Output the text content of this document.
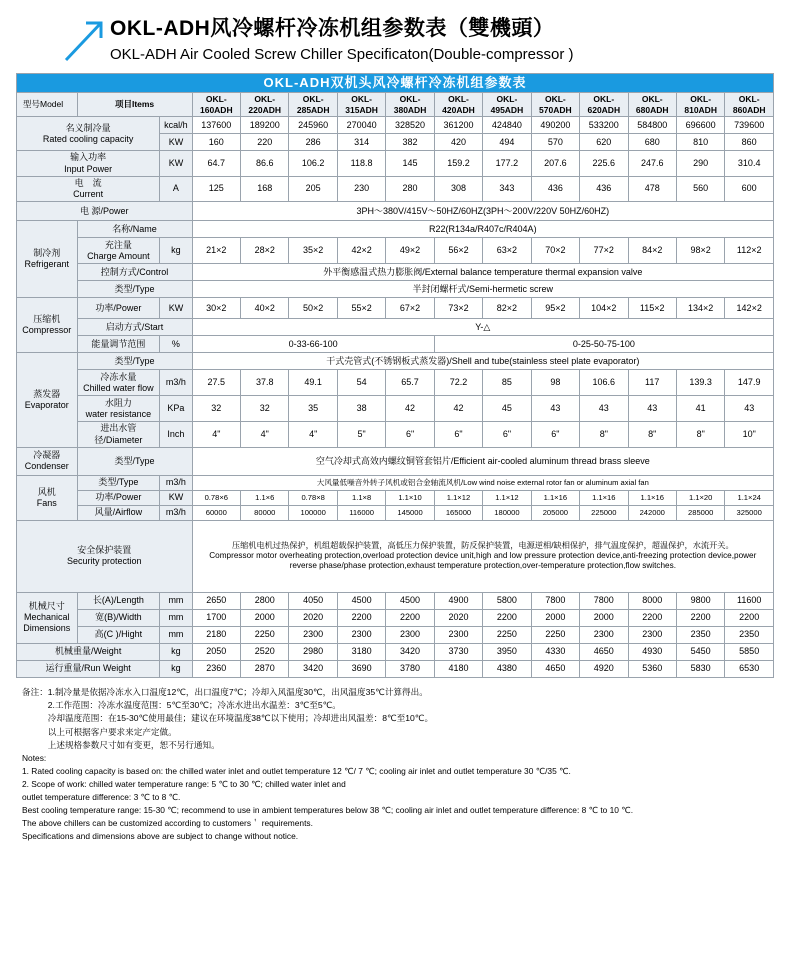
OKL-ADH风冷螺杆冷冻机组参数表（雙機頭）
OKL-ADH Air Cooled Screw Chiller Specificaton(Double-compressor )
OKL-ADH双机头风冷螺杆冷冻机组参数表														
型号Model	项目Items		OKL-160ADH	OKL-220ADH	OKL-285ADH	OKL-315ADH	OKL-380ADH	OKL-420ADH	OKL-495ADH	OKL-570ADH	OKL-620ADH	OKL-680ADH	OKL-810ADH	OKL-860ADH

名义制冷量
Rated cooling capacity		kcal/h	137600	189200	245960	270040	328520	361200	424840	490200	533200	584800	696600	739600
		KW	160	220	286	314	382	420	494	570	620	680	810	860

输入功率
Input Power		KW	64.7	86.6	106.2	118.8	145	159.2	177.2	207.6	225.6	247.6	290	310.4

电　流
Current		A	125	168	205	230	280	308	343	436	436	478	560	600
电 源/Power			3PH～380V/415V～50HZ/60HZ(3PH～200V/220V 50HZ/60HZ)											

制冷剂
Refrigerant	名称/Name		R22(R134a/R407c/R404A)											

	充注量
Charge Amount	kg	21×2	28×2	35×2	42×2	49×2	56×2	63×2	70×2	77×2	84×2	98×2	112×2
	控制方式/Control		外平衡感温式热力膨胀阀/External balance temperature thermal expansion valve											
	类型/Type		半封闭螺杆式/Semi-hermetic screw											

压缩机
Compressor	功率/Power	KW	30×2	40×2	50×2	55×2	67×2	73×2	82×2	95×2	104×2	115×2	134×2	142×2
	启动方式/Start		Y-△											
	能量调节范围	%	0-33-66-100					0-25-50-75-100						

蒸发器
Evaporator	类型/Type		干式壳管式(不锈钢板式蒸发器)/Shell and tube(stainless steel plate evaporator)											

	冷冻水量
Chilled water flow	m3/h	27.5	37.8	49.1	54	65.7	72.2	85	98	106.6	117	139.3	147.9

	水阻力
water resistance	KPa	32	32	35	38	42	42	45	43	43	43	41	43
	进出水管径/Diameter	Inch	4"	4"	4"	5"	6"	6"	6"	6"	8"	8"	8"	10"

冷凝器
Condenser	类型/Type		空气冷却式高效内螺纹铜管套铝片/Efficient air-cooled aluminum thread brass sleeve											

风机
Fans	类型/Type	m3/h	大风量低噪音外转子风机或铝合金轴流风机/Low wind noise external rotor fan or aluminum axial fan											
	功率/Power	KW	0.78×6	1.1×6	0.78×8	1.1×8	1.1×10	1.1×12	1.1×12	1.1×16	1.1×16	1.1×16	1.1×20	1.1×24
	风量/Airflow	m3/h	60000	80000	100000	116000	145000	165000	180000	205000	225000	242000	285000	325000

安全保护装置
Security protection

压缩机电机过热保护，机组超载保护装置，高低压力保护装置，防反保护装置，电源逆相/缺相保护，排气温度保护，超温保护，水流开关。
Compressor motor overheating protection,overload protection device unit,high and low pressure protection device,anti-freezing protection device,power reverse phase/phase protection,exhaust temperature protection,over-temperature protection,flow switches.

机械尺寸
Mechanical
Dimensions	长(A)/Length	mm	2650	2800	4050	4500	4500	4900	5800	7800	7800	8000	9800	11600
	宽(B)/Width	mm	1700	2000	2020	2200	2200	2020	2200	2000	2000	2200	2200	2200
	高(C )/Hight	mm	2180	2250	2300	2300	2300	2300	2250	2250	2300	2300	2350	2350
机械重量/Weight		kg	2050	2520	2980	3180	3420	3730	3950	4330	4650	4930	5450	5850
运行重量/Run Weight		kg	2360	2870	3420	3690	3780	4180	4380	4650	4920	5360	5830	6530

备注：1.制冷量是依据冷冻水入口温度12℃，出口温度7℃；冷却入风温度30℃，出风温度35℃计算得出。

　　　2.工作范围：冷冻水温度范围：5℃至30℃；冷冻水进出水温差：3℃至5℃。

　　　冷却温度范围：在15-30℃使用最佳；建议在环境温度38℃以下使用；冷却进出风温差：8℃至10℃。

　　　以上可根据客户要求来定产定做。

　　　上述规格参数尺寸如有变更，恕不另行通知。

Notes:

1. Rated cooling capacity is based on: the chilled water inlet and outlet temperature 12 ℃/ 7 ℃; cooling air inlet and outlet temperature 30 ℃/35 ℃.

2. Scope of work: chilled water temperature range: 5 ℃ to 30 ℃; chilled water inlet and

outlet temperature difference: 3 ℃ to 8 ℃.

Best cooling temperature range: 15-30 ℃; recommend to use in ambient temperatures below 38 ℃; cooling air inlet and outlet temperature difference: 8 ℃ to 10 ℃.

The above chillers can be customized according to customers＇ requirements.

Specifications and dimensions above are subject to change without notice.
